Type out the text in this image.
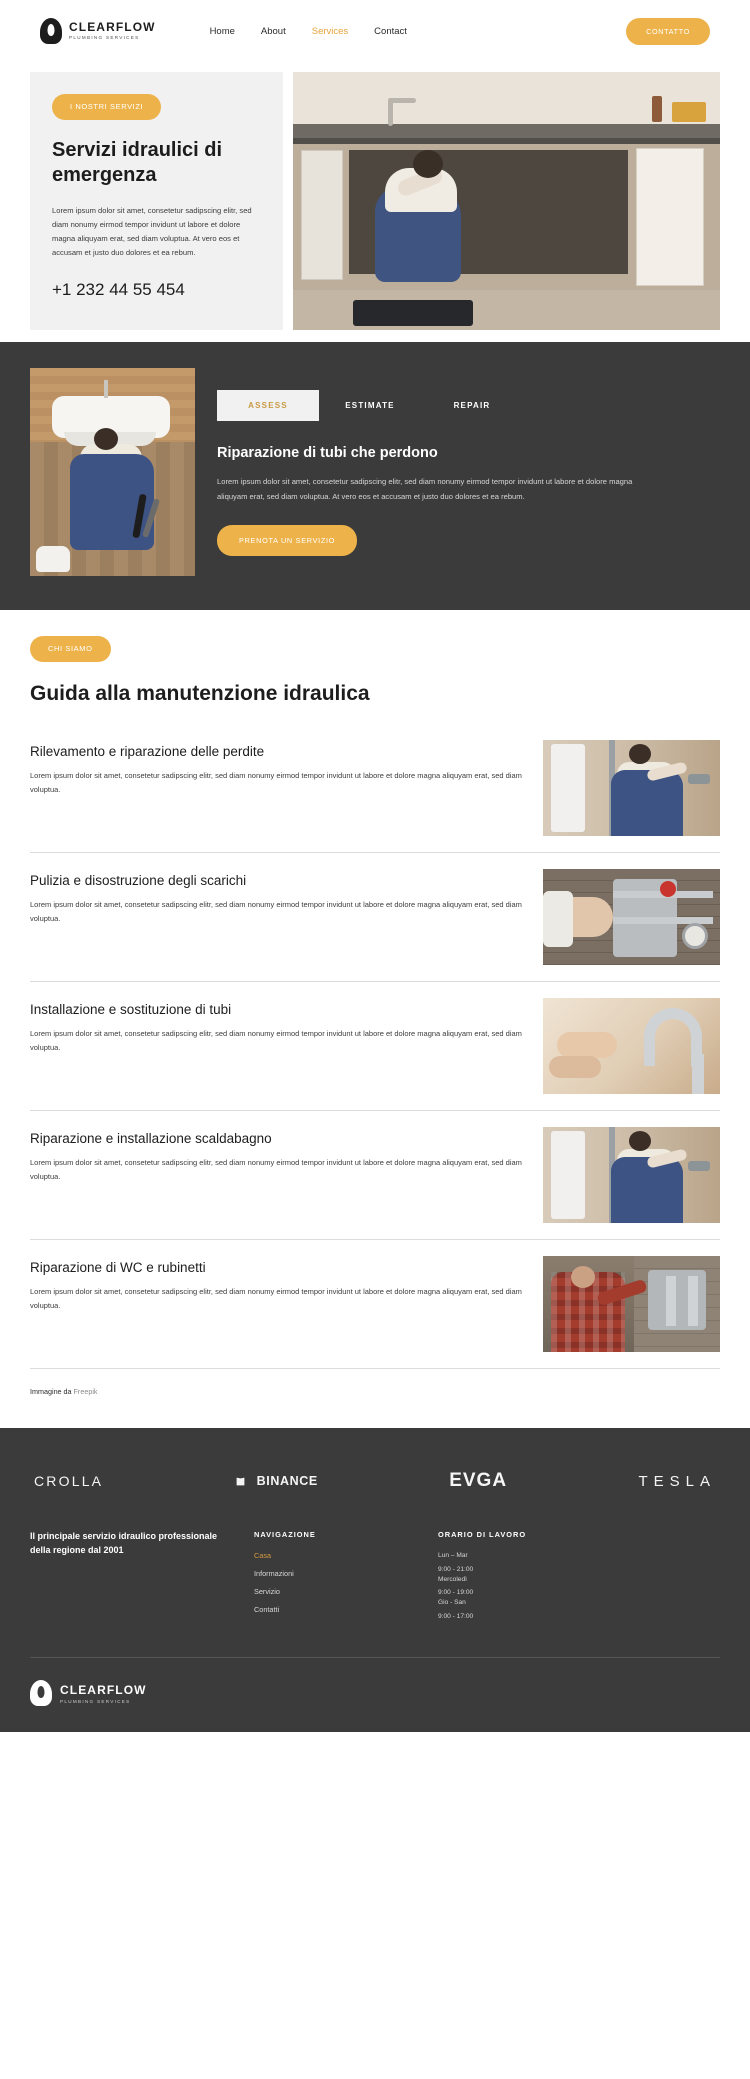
CLEARFLOW
PLUMBING SERVICES
Home	About	Services	Contact	CONTATTO
I NOSTRI SERVIZI
Servizi idraulici di emergenza
Lorem ipsum dolor sit amet, consetetur sadipscing elitr, sed diam nonumy eirmod tempor invidunt ut labore et dolore magna aliquyam erat, sed diam voluptua. At vero eos et accusam et justo duo dolores et ea rebum.
+1 232 44 55 454
ASSESS	ESTIMATE	REPAIR
Riparazione di tubi che perdono
Lorem ipsum dolor sit amet, consetetur sadipscing elitr, sed diam nonumy eirmod tempor invidunt ut labore et dolore magna aliquyam erat, sed diam voluptua. At vero eos et accusam et justo duo dolores et ea rebum.
PRENOTA UN SERVIZIO
CHI SIAMO
Guida alla manutenzione idraulica
Rilevamento e riparazione delle perdite
Lorem ipsum dolor sit amet, consetetur sadipscing elitr, sed diam nonumy eirmod tempor invidunt ut labore et dolore magna aliquyam erat, sed diam voluptua.
Pulizia e disostruzione degli scarichi
Lorem ipsum dolor sit amet, consetetur sadipscing elitr, sed diam nonumy eirmod tempor invidunt ut labore et dolore magna aliquyam erat, sed diam voluptua.
Installazione e sostituzione di tubi
Lorem ipsum dolor sit amet, consetetur sadipscing elitr, sed diam nonumy eirmod tempor invidunt ut labore et dolore magna aliquyam erat, sed diam voluptua.
Riparazione e installazione scaldabagno
Lorem ipsum dolor sit amet, consetetur sadipscing elitr, sed diam nonumy eirmod tempor invidunt ut labore et dolore magna aliquyam erat, sed diam voluptua.
Riparazione di WC e rubinetti
Lorem ipsum dolor sit amet, consetetur sadipscing elitr, sed diam nonumy eirmod tempor invidunt ut labore et dolore magna aliquyam erat, sed diam voluptua.
Immagine da Freepik
CROLLA	BINANCE	EVGA	TESLA
Il principale servizio idraulico professionale della regione dal 2001
NAVIGAZIONE
Casa
Informazioni
Servizio
Contatti
ORARIO DI LAVORO
Lun – Mar
9:00 - 21:00
Mercoledì
9:00 - 19:00
Gio - San
9:00 - 17:00
CLEARFLOW
PLUMBING SERVICES
